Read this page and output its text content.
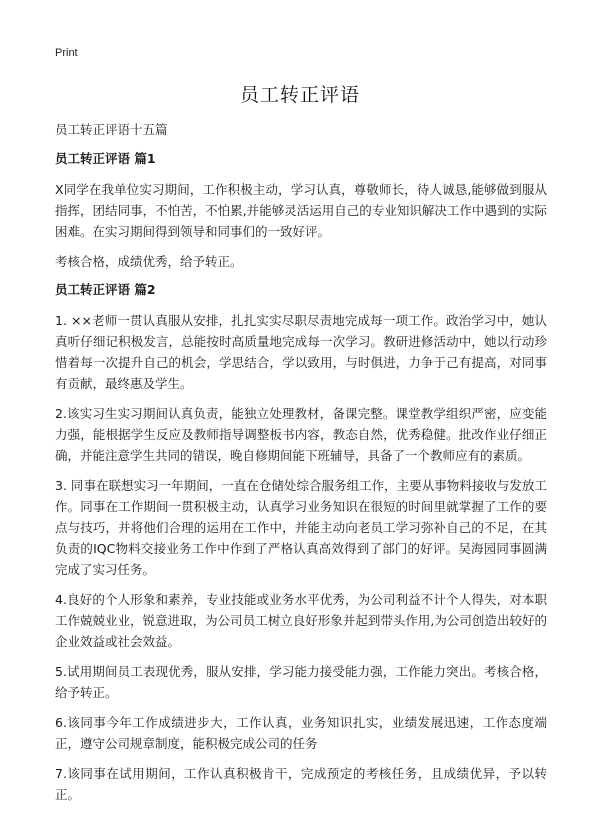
Print
员工转正评语
员工转正评语十五篇
员工转正评语 篇1

X同学在我单位实习期间，工作积极主动，学习认真，尊敬师长，待人诚恳,能够做到服从指挥，团结同事，不怕苦，不怕累,并能够灵活运用自己的专业知识解决工作中遇到的实际困难。在实习期间得到领导和同事们的一致好评。

考核合格，成绩优秀，给予转正。

员工转正评语 篇2

1. ××老师一贯认真服从安排，扎扎实实尽职尽责地完成每一项工作。政治学习中，她认真听仔细记积极发言，总能按时高质量地完成每一次学习。教研进修活动中，她以行动珍惜着每一次提升自己的机会，学思结合，学以致用，与时俱进，力争于己有提高，对同事有贡献，最终惠及学生。

2.该实习生实习期间认真负责，能独立处理教材，备课完整。课堂教学组织严密，应变能力强，能根据学生反应及教师指导调整板书内容，教态自然，优秀稳健。批改作业仔细正确，并能注意学生共同的错误，晚自修期间能下班辅导，具备了一个教师应有的素质。

3. 同事在联想实习一年期间，一直在仓储处综合服务组工作，主要从事物料接收与发放工作。同事在工作期间一贯积极主动，认真学习业务知识在很短的时间里就掌握了工作的要点与技巧，并将他们合理的运用在工作中，并能主动向老员工学习弥补自己的不足，在其负责的IQC物料交接业务工作中作到了严格认真高效得到了部门的好评。吴海园同事圆满完成了实习任务。

4.良好的个人形象和素养，专业技能或业务水平优秀，为公司利益不计个人得失，对本职工作兢兢业业，锐意进取，为公司员工树立良好形象并起到带头作用,为公司创造出较好的企业效益或社会效益。

5.试用期间员工表现优秀，服从安排，学习能力接受能力强，工作能力突出。考核合格，给予转正。

6.该同事今年工作成绩进步大，工作认真，业务知识扎实，业绩发展迅速，工作态度端正，遵守公司规章制度，能积极完成公司的任务

7.该同事在试用期间，工作认真积极肯干，完成预定的考核任务，且成绩优异，予以转正。
